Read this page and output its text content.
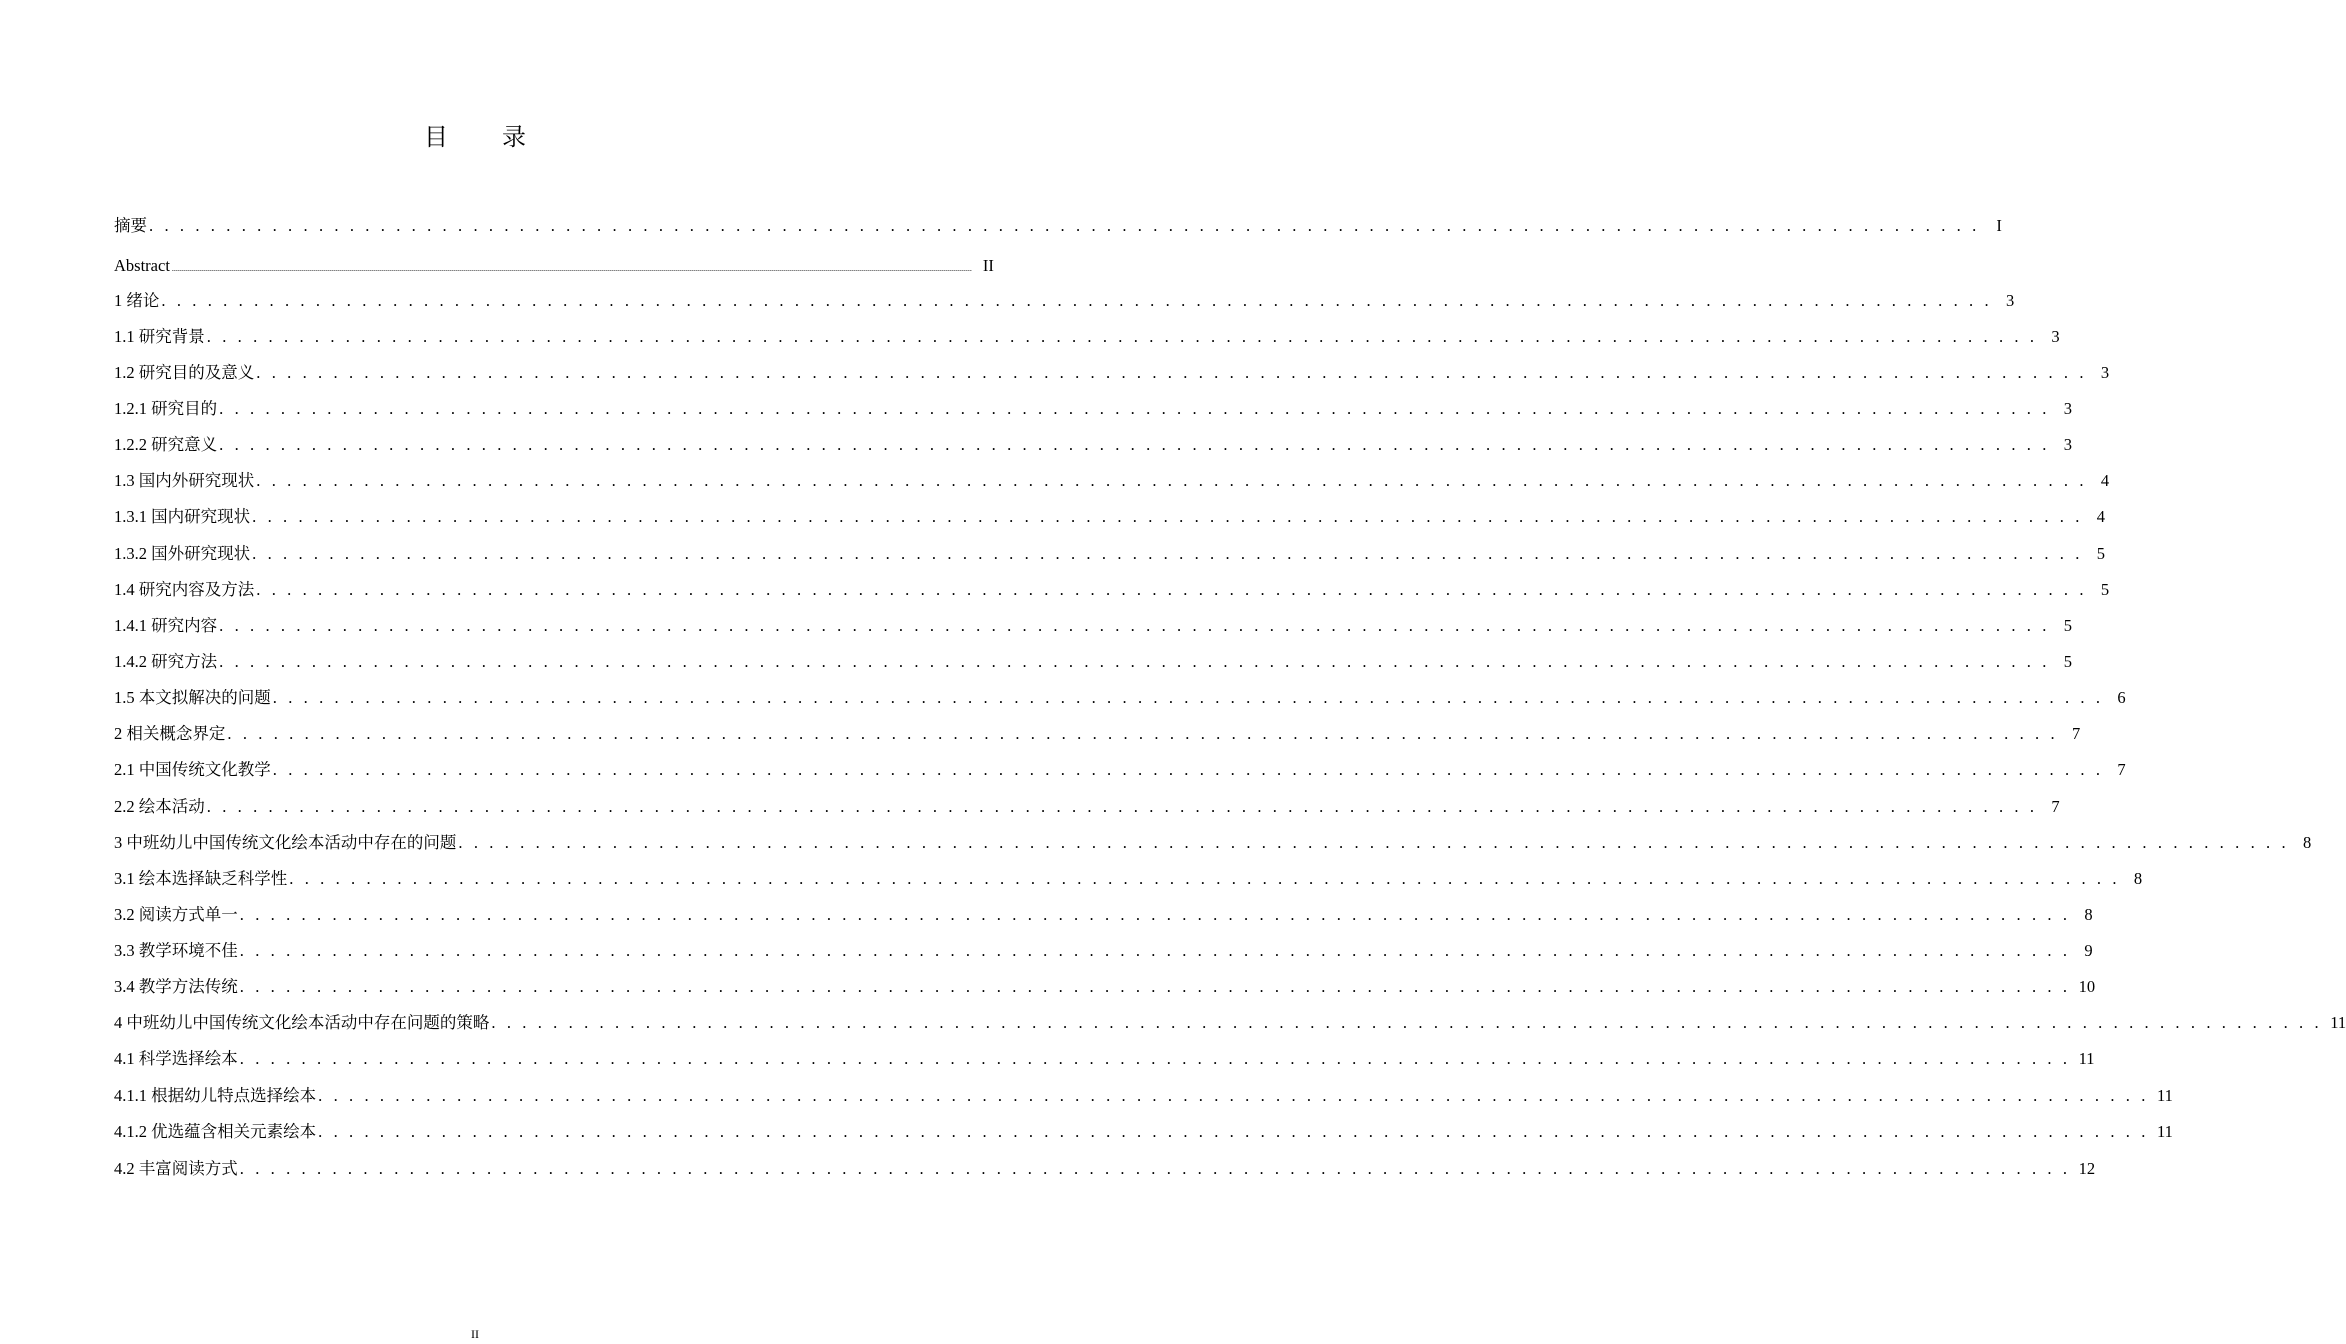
目 录
摘要 . . . . . . . . . . . . . . . . . . . . . . . . . . . . . . . . . . . . . . . . . . . . . . . . . . . . . . . . . . . . . . . . . . . . . . . . . . . . . . . . . . . . . . . . . . . . . . . . . . . . . . . . . . . . . . . . . . . . . . .	I
Abstract ................................................................................................................................................................................................................................................................................................................................................................................................................ II
1 绪论 . . . . . . . . . . . . . . . . . . . . . . . . . . . . . . . . . . . . . . . . . . . . . . . . . . . . . . . . . . . . . . . . . . . . . . . . . . . . . . . . . . . . . . . . . . . . . . . . . . . . . . . . . . . . . . . . . . . . . . . 3
1.1 研究背景 . . . . . . . . . . . . . . . . . . . . . . . . . . . . . . . . . . . . . . . . . . . . . . . . . . . . . . . . . . . . . . . . . . . . . . . . . . . . . . . . . . . . . . . . . . . . . . . . . . . . . . . . . . . . . . . . . . . . . . . 3
1.2 研究目的及意义 . . . . . . . . . . . . . . . . . . . . . . . . . . . . . . . . . . . . . . . . . . . . . . . . . . . . . . . . . . . . . . . . . . . . . . . . . . . . . . . . . . . . . . . . . . . . . . . . . . . . . . . . . . . . . . . . . . . . . . . 3
1.2.1 研究目的 . . . . . . . . . . . . . . . . . . . . . . . . . . . . . . . . . . . . . . . . . . . . . . . . . . . . . . . . . . . . . . . . . . . . . . . . . . . . . . . . . . . . . . . . . . . . . . . . . . . . . . . . . . . . . . . . . . . . . . . 3
1.2.2 研究意义 . . . . . . . . . . . . . . . . . . . . . . . . . . . . . . . . . . . . . . . . . . . . . . . . . . . . . . . . . . . . . . . . . . . . . . . . . . . . . . . . . . . . . . . . . . . . . . . . . . . . . . . . . . . . . . . . . . . . . . . 3
1.3 国内外研究现状 . . . . . . . . . . . . . . . . . . . . . . . . . . . . . . . . . . . . . . . . . . . . . . . . . . . . . . . . . . . . . . . . . . . . . . . . . . . . . . . . . . . . . . . . . . . . . . . . . . . . . . . . . . . . . . . . . . . . . . . 4
1.3.1 国内研究现状 . . . . . . . . . . . . . . . . . . . . . . . . . . . . . . . . . . . . . . . . . . . . . . . . . . . . . . . . . . . . . . . . . . . . . . . . . . . . . . . . . . . . . . . . . . . . . . . . . . . . . . . . . . . . . . . . . . . . . . . 4
1.3.2 国外研究现状 . . . . . . . . . . . . . . . . . . . . . . . . . . . . . . . . . . . . . . . . . . . . . . . . . . . . . . . . . . . . . . . . . . . . . . . . . . . . . . . . . . . . . . . . . . . . . . . . . . . . . . . . . . . . . . . . . . . . . . . 5
1.4 研究内容及方法 . . . . . . . . . . . . . . . . . . . . . . . . . . . . . . . . . . . . . . . . . . . . . . . . . . . . . . . . . . . . . . . . . . . . . . . . . . . . . . . . . . . . . . . . . . . . . . . . . . . . . . . . . . . . . . . . . . . . . . . 5
1.4.1 研究内容 . . . . . . . . . . . . . . . . . . . . . . . . . . . . . . . . . . . . . . . . . . . . . . . . . . . . . . . . . . . . . . . . . . . . . . . . . . . . . . . . . . . . . . . . . . . . . . . . . . . . . . . . . . . . . . . . . . . . . . . 5
1.4.2 研究方法 . . . . . . . . . . . . . . . . . . . . . . . . . . . . . . . . . . . . . . . . . . . . . . . . . . . . . . . . . . . . . . . . . . . . . . . . . . . . . . . . . . . . . . . . . . . . . . . . . . . . . . . . . . . . . . . . . . . . . . . 5
1.5 本文拟解决的问题 . . . . . . . . . . . . . . . . . . . . . . . . . . . . . . . . . . . . . . . . . . . . . . . . . . . . . . . . . . . . . . . . . . . . . . . . . . . . . . . . . . . . . . . . . . . . . . . . . . . . . . . . . . . . . . . . . . . . . . . 6
2 相关概念界定 . . . . . . . . . . . . . . . . . . . . . . . . . . . . . . . . . . . . . . . . . . . . . . . . . . . . . . . . . . . . . . . . . . . . . . . . . . . . . . . . . . . . . . . . . . . . . . . . . . . . . . . . . . . . . . . . . . . . . . . 7
2.1 中国传统文化教学 . . . . . . . . . . . . . . . . . . . . . . . . . . . . . . . . . . . . . . . . . . . . . . . . . . . . . . . . . . . . . . . . . . . . . . . . . . . . . . . . . . . . . . . . . . . . . . . . . . . . . . . . . . . . . . . . . . . . . . . 7
2.2 绘本活动 . . . . . . . . . . . . . . . . . . . . . . . . . . . . . . . . . . . . . . . . . . . . . . . . . . . . . . . . . . . . . . . . . . . . . . . . . . . . . . . . . . . . . . . . . . . . . . . . . . . . . . . . . . . . . . . . . . . . . . . 7
3 中班幼儿中国传统文化绘本活动中存在的问题 . . . . . . . . . . . . . . . . . . . . . . . . . . . . . . . . . . . . . . . . . . . . . . . . . . . . . . . . . . . . . . . . . . . . . . . . . . . . . . . . . . . . . . . . . . . . . . . . . . . . . . . . . . . . . . . . . . . . . . . 8
3.1 绘本选择缺乏科学性 . . . . . . . . . . . . . . . . . . . . . . . . . . . . . . . . . . . . . . . . . . . . . . . . . . . . . . . . . . . . . . . . . . . . . . . . . . . . . . . . . . . . . . . . . . . . . . . . . . . . . . . . . . . . . . . . . . . . . . . 8
3.2 阅读方式单一 . . . . . . . . . . . . . . . . . . . . . . . . . . . . . . . . . . . . . . . . . . . . . . . . . . . . . . . . . . . . . . . . . . . . . . . . . . . . . . . . . . . . . . . . . . . . . . . . . . . . . . . . . . . . . . . . . . . . . . . 8
3.3 教学环境不佳 . . . . . . . . . . . . . . . . . . . . . . . . . . . . . . . . . . . . . . . . . . . . . . . . . . . . . . . . . . . . . . . . . . . . . . . . . . . . . . . . . . . . . . . . . . . . . . . . . . . . . . . . . . . . . . . . . . . . . . . 9
3.4 教学方法传统 . . . . . . . . . . . . . . . . . . . . . . . . . . . . . . . . . . . . . . . . . . . . . . . . . . . . . . . . . . . . . . . . . . . . . . . . . . . . . . . . . . . . . . . . . . . . . . . . . . . . . . . . . . . . . . . . . . . . . . . 10
4 中班幼儿中国传统文化绘本活动中存在问题的策略 . . . . . . . . . . . . . . . . . . . . . . . . . . . . . . . . . . . . . . . . . . . . . . . . . . . . . . . . . . . . . . . . . . . . . . . . . . . . . . . . . . . . . . . . . . . . . . . . . . . . . . . . . . . . . . . . . . . . . . . 11
4.1 科学选择绘本 . . . . . . . . . . . . . . . . . . . . . . . . . . . . . . . . . . . . . . . . . . . . . . . . . . . . . . . . . . . . . . . . . . . . . . . . . . . . . . . . . . . . . . . . . . . . . . . . . . . . . . . . . . . . . . . . . . . . . . . 11
4.1.1 根据幼儿特点选择绘本 . . . . . . . . . . . . . . . . . . . . . . . . . . . . . . . . . . . . . . . . . . . . . . . . . . . . . . . . . . . . . . . . . . . . . . . . . . . . . . . . . . . . . . . . . . . . . . . . . . . . . . . . . . . . . . . . . . . . . . . 11
4.1.2 优选蕴含相关元素绘本 . . . . . . . . . . . . . . . . . . . . . . . . . . . . . . . . . . . . . . . . . . . . . . . . . . . . . . . . . . . . . . . . . . . . . . . . . . . . . . . . . . . . . . . . . . . . . . . . . . . . . . . . . . . . . . . . . . . . . . . 11
4.2 丰富阅读方式 . . . . . . . . . . . . . . . . . . . . . . . . . . . . . . . . . . . . . . . . . . . . . . . . . . . . . . . . . . . . . . . . . . . . . . . . . . . . . . . . . . . . . . . . . . . . . . . . . . . . . . . . . . . . . . . . . . . . . . . 12
II
